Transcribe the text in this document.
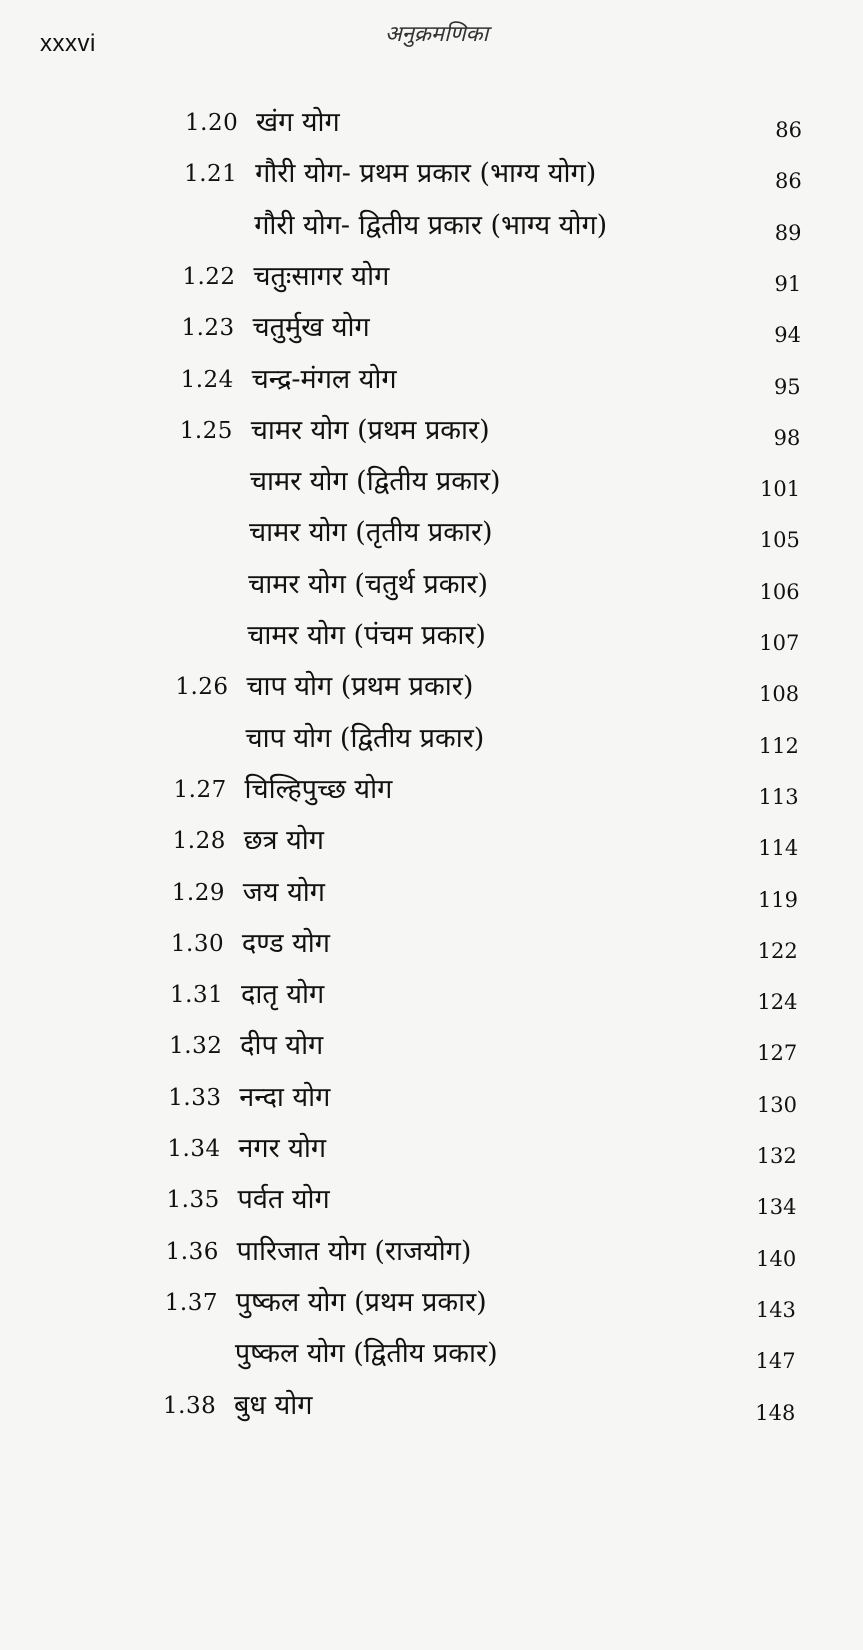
xxxvi	अनुक्रमणिका
1.20 खंग योग	86
1.21 गौरी योग- प्रथम प्रकार (भाग्य योग)	86
गौरी योग- द्वितीय प्रकार (भाग्य योग)	89
1.22 चतुःसागर योग	91
1.23 चतुर्मुख योग	94
1.24 चन्द्र-मंगल योग	95
1.25 चामर योग (प्रथम प्रकार)	98
चामर योग (द्वितीय प्रकार)	101
चामर योग (तृतीय प्रकार)	105
चामर योग (चतुर्थ प्रकार)	106
चामर योग (पंचम प्रकार)	107
1.26 चाप योग (प्रथम प्रकार)	108
चाप योग (द्वितीय प्रकार)	112
1.27 चिल्हिपुच्छ योग	113
1.28 छत्र योग	114
1.29 जय योग	119
1.30 दण्ड योग	122
1.31 दातृ योग	124
1.32 दीप योग	127
1.33 नन्दा योग	130
1.34 नगर योग	132
1.35 पर्वत योग	134
1.36 पारिजात योग (राजयोग)	140
1.37 पुष्कल योग (प्रथम प्रकार)	143
पुष्कल योग (द्वितीय प्रकार)	147
1.38 बुध योग	148
